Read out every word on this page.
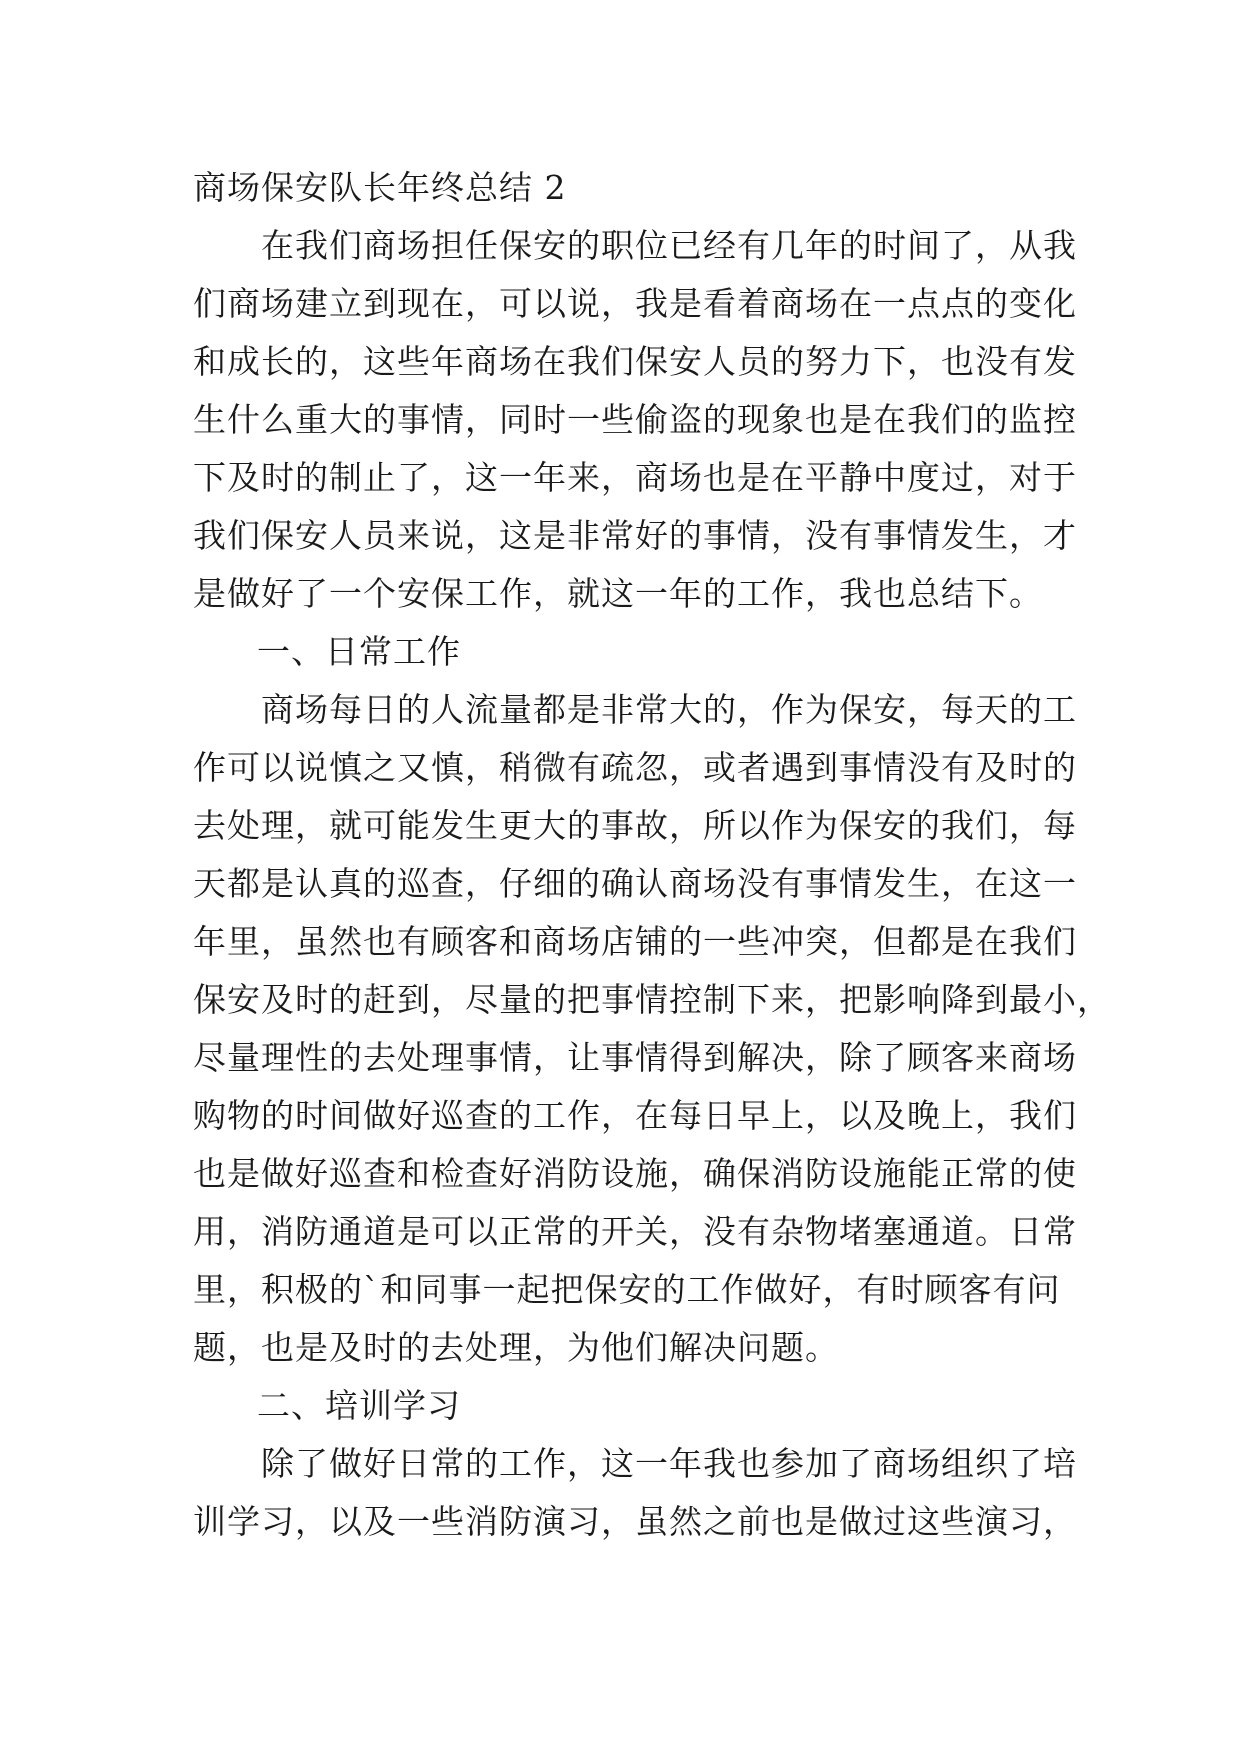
商场保安队长年终总结 2
　　在我们商场担任保安的职位已经有几年的时间了，从我
们商场建立到现在，可以说，我是看着商场在一点点的变化
和成长的，这些年商场在我们保安人员的努力下，也没有发
生什么重大的事情，同时一些偷盗的现象也是在我们的监控
下及时的制止了，这一年来，商场也是在平静中度过，对于
我们保安人员来说，这是非常好的事情，没有事情发生，才
是做好了一个安保工作，就这一年的工作，我也总结下。
一、日常工作
　　商场每日的人流量都是非常大的，作为保安，每天的工
作可以说慎之又慎，稍微有疏忽，或者遇到事情没有及时的
去处理，就可能发生更大的事故，所以作为保安的我们，每
天都是认真的巡查，仔细的确认商场没有事情发生，在这一
年里，虽然也有顾客和商场店铺的一些冲突，但都是在我们
保安及时的赶到，尽量的把事情控制下来，把影响降到最小，
尽量理性的去处理事情，让事情得到解决，除了顾客来商场
购物的时间做好巡查的工作，在每日早上，以及晚上，我们
也是做好巡查和检查好消防设施，确保消防设施能正常的使
用，消防通道是可以正常的开关，没有杂物堵塞通道。日常
里，积极的`和同事一起把保安的工作做好，有时顾客有问
题，也是及时的去处理，为他们解决问题。
二、培训学习
　　除了做好日常的工作，这一年我也参加了商场组织了培
训学习，以及一些消防演习，虽然之前也是做过这些演习，
